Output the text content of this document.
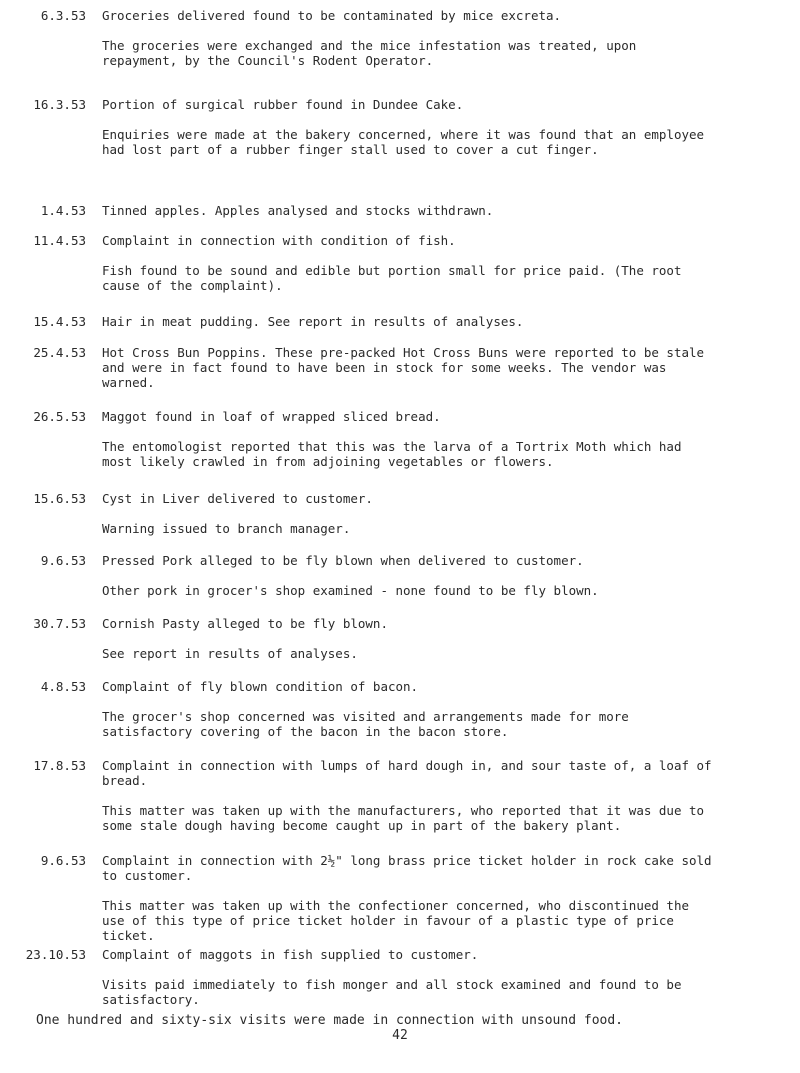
6.3.53 Groceries delivered found to be contaminated by mice excreta.

The groceries were exchanged and the mice infestation was treated, upon repayment, by the Council's Rodent Operator.

16.3.53 Portion of surgical rubber found in Dundee Cake.

Enquiries were made at the bakery concerned, where it was found that an employee had lost part of a rubber finger stall used to cover a cut finger.

1.4.53 Tinned apples. Apples analysed and stocks withdrawn.

11.4.53 Complaint in connection with condition of fish.

Fish found to be sound and edible but portion small for price paid. (The root cause of the complaint).

15.4.53 Hair in meat pudding. See report in results of analyses.

25.4.53 Hot Cross Bun Poppins. These pre-packed Hot Cross Buns were reported to be stale and were in fact found to have been in stock for some weeks. The vendor was warned.

26.5.53 Maggot found in loaf of wrapped sliced bread.

The entomologist reported that this was the larva of a Tortrix Moth which had most likely crawled in from adjoining vegetables or flowers.

15.6.53 Cyst in Liver delivered to customer.

Warning issued to branch manager.

9.6.53 Pressed Pork alleged to be fly blown when delivered to customer.

Other pork in grocer's shop examined - none found to be fly blown.

30.7.53 Cornish Pasty alleged to be fly blown.

See report in results of analyses.

4.8.53 Complaint of fly blown condition of bacon.

The grocer's shop concerned was visited and arrangements made for more satisfactory covering of the bacon in the bacon store.

17.8.53 Complaint in connection with lumps of hard dough in, and sour taste of, a loaf of bread.

This matter was taken up with the manufacturers, who reported that it was due to some stale dough having become caught up in part of the bakery plant.

9.6.53 Complaint in connection with 2½" long brass price ticket holder in rock cake sold to customer.

This matter was taken up with the confectioner concerned, who discontinued the use of this type of price ticket holder in favour of a plastic type of price ticket.

23.10.53 Complaint of maggots in fish supplied to customer.

Visits paid immediately to fish monger and all stock examined and found to be satisfactory.

One hundred and sixty-six visits were made in connection with unsound food.
42
